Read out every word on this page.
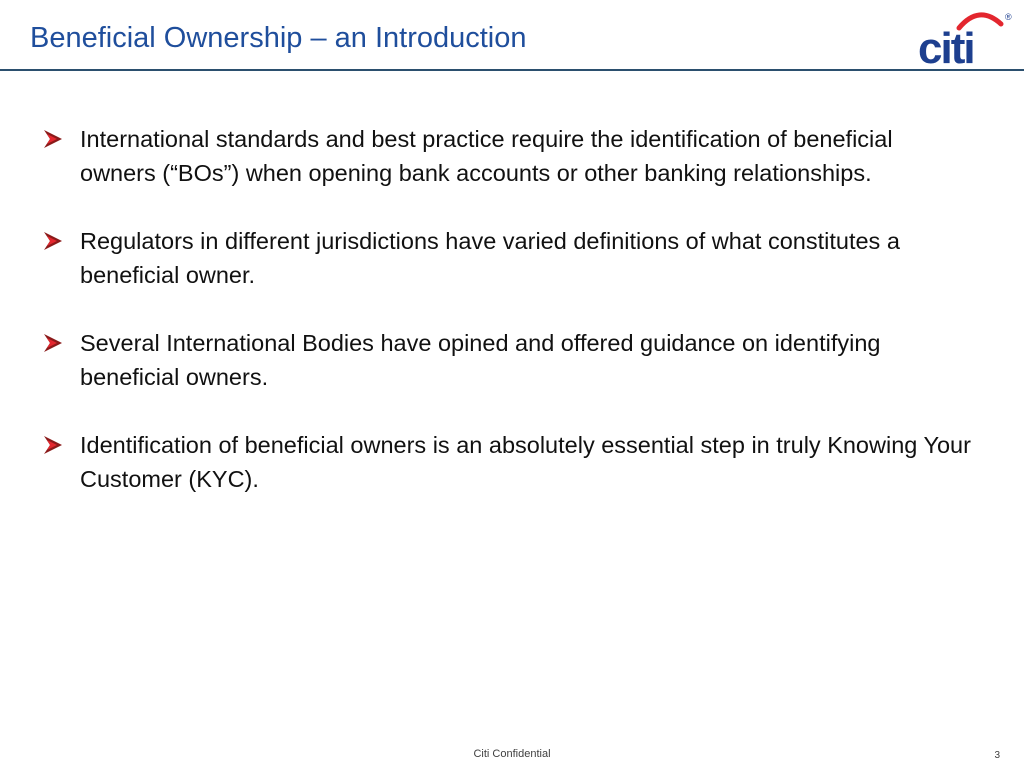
Beneficial Ownership – an Introduction	citi
®
International standards and best practice require the identification of beneficial owners (“BOs”) when opening bank accounts or other banking relationships.
Regulators in different jurisdictions have varied definitions of what constitutes a beneficial owner.
Several International Bodies have opined and offered guidance on identifying beneficial owners.
Identification of beneficial owners is an absolutely essential step in truly Knowing Your Customer (KYC).
Citi Confidential	3
